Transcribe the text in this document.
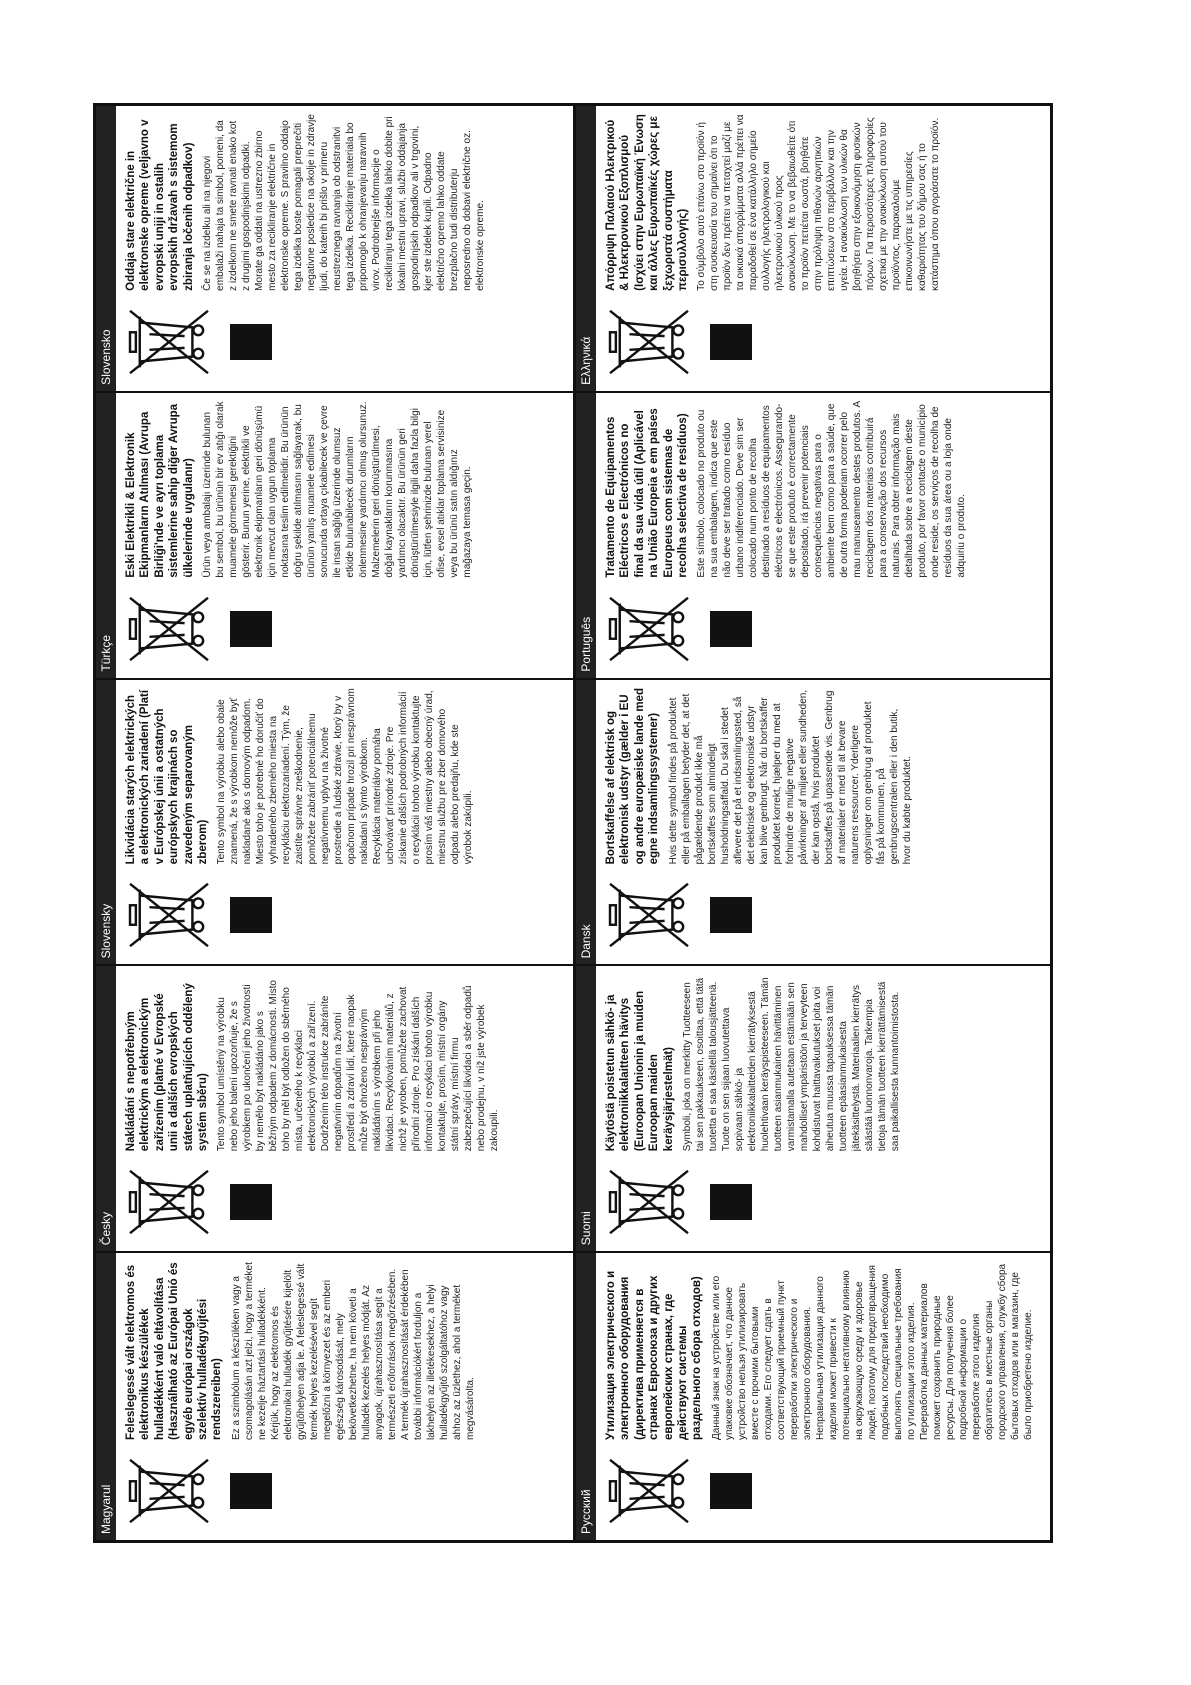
Magyarul

Feleslegessé vált elektromos és elektronikus készülékek hulladékként való eltávolítása (Használható az Európai Unió és egyéb európai országok szelektív hulladékgyűjtési rendszereiben) Ez a szimbólum a készüléken vagy a csomagolásán azt jelzi, hogy a terméket ne kezelje háztartási hulladékként. Kérjük, hogy az elektromos és elektronikai hulladék gyűjtésére kijelölt gyűjtőhelyen adja le. A feleslegessé vált termék helyes kezelésével segít megelőzni a környezet és az emberi egészség károsodását, mely bekövetkezhetne, ha nem követi a hulladék kezelés helyes módját. Az anyagok, újrahasznosítása segít a természeti erőforrások megőrzésében. A termék újrahasznosítását érdekében további információkért forduljon a lakhelyén az illetékesekhez, a helyi hulladékgyűjtő szolgáltatóhoz vagy ahhoz az üzlethez, ahol a terméket megvásárolta.

Česky

Nakládání s nepotřebným elektrickým a elektronickým zařízením (platné v Evropské unii a dalších evropských státech uplatňujících oddělený systém sběru) Tento symbol umístěný na výrobku nebo jeho balení upozorňuje, že s výrobkem po ukončení jeho životnosti by nemělo být nakládáno jako s běžným odpadem z domácnosti. Místo toho by měl být odložen do sběrného místa, určeného k recyklaci elektronických výrobků a zařízení. Dodržením této instrukce zabráníte negativním dopadům na životní prostředí a zdraví lidí, které naopak může být ohroženo nesprávným nakládáním s výrobkem při jeho likvidaci. Recyklováním materiálů, z nichž je vyroben, pomůžete zachovat přírodní zdroje. Pro získání dalších informací o recyklaci tohoto výrobku kontaktujte, prosím, místní orgány státní správy, místní firmu zabezpečující likvidaci a sběr odpadů nebo prodejnu, v níž jste výrobek zakoupili.

Slovensky

Likvidácia starých elektrických a elektronických zariadení (Platí v Európskej únii a ostatných európskych krajinách so zavedeným separovaným zberom) Tento symbol na výrobku alebo obale znamená, že s výrobkom nemôže byť nakladané ako s domovým odpadom. Miesto toho je potrebné ho doručiť do vyhradeného zberného miesta na recykláciu elektrozariadení. Tým, že zaistíte správne zneškodnenie, pomôžete zabrániť potenciálnemu negatívnemu vplyvu na životné prostredie a ľudské zdravie, ktorý by v opačnom prípade hrozil pri nesprávnom nakladaní s týmto výrobkom. Recyklácia materiálov pomáha uchovávať prírodné zdroje. Pre získanie ďalších podrobných informácií o recyklácii tohoto výrobku kontaktujte prosím váš miestny alebo obecný úrad, miestnu službu pre zber domového odpadu alebo predajňu, kde ste výrobok zakúpili.

Türkçe

Eski Elektrikli & Elektronik Ekipmanların Atılması (Avrupa Birliği'nde ve ayrı toplama sistemlerine sahip diğer Avrupa ülkelerinde uygulanır) Ürün veya ambalajı üzerinde bulunan bu sembol, bu ürünün bir ev atığı olarak muamele görmemesi gerektiğini gösterir. Bunun yerine, elektrikli ve elektronik ekipmanların geri dönüşümü için mevcut olan uygun toplama noktasına teslim edilmelidir. Bu ürünün doğru şekilde atılmasını sağlayarak, bu ürünün yanlış muamele edilmesi sonucunda ortaya çıkabilecek ve çevre ile insan sağlığı üzerinde olumsuz etkide bulunabilecek durumların önlenmesine yardımcı olmuş olursunuz. Malzemelerin geri dönüştürülmesi, doğal kaynakların korunmasına yardımcı olacaktır. Bu ürünün geri dönüştürülmesiyle ilgili daha fazla bilgi için, lütfen şehrinizde bulunan yerel ofise, evsel atıklar toplama servisinize veya bu ürünü satın aldığınız mağazaya temasa geçin.

Slovensko

Oddaja stare električne in elektronske opreme (veljavno v evropski uniji in ostalih evropskih državah s sistemom zbiranja ločenih odpadkov) Če se na izdelku ali na njegovi embalaži nahaja ta simbol, pomeni, da z izdelkom ne smete ravnati enako kot z drugimi gospodinjskimi odpadki. Morate ga oddati na ustrezno zbirno mesto za recikliranje električne in elektronske opreme. S pravilno oddajo tega izdelka boste pomagali preprečiti negativne posledice na okolje in zdravje ljudi, do katerih bi prišlo v primeru neustreznega ravnanja ob odstranitvi tega izdelka. Recikliranje materiala bo pripomoglo k ohranjevanju naravnih virov. Podrobnejše informacije o recikliranju tega izdelka lahko dobite pri lokalni mestni upravi, službi oddajanja gospodinjskih odpadkov ali v trgovini, kjer ste izdelek kupili. Odpadno električno opremo lahko oddate brezplačno tudi distributerju neposredno ob dobavi električne oz. elektronske opreme.

Русский

Утилизация электрического и электронного оборудования (директива применяется в странах Евросоюза и других европейских странах, где действуют системы раздельного сбора отходов) Данный знак на устройстве или его упаковке обозначает, что данное устройство нельзя утилизировать вместе с прочими бытовыми отходами. Его следует сдать в соответствующий приемный пункт переработки электрического и электронного оборудования. Неправильная утилизация данного изделия может привести к потенциально негативному влиянию на окружающую среду и здоровье людей, поэтому для предотвращения подобных последствий необходимо выполнять специальные требования по утилизации этого изделия. Переработка данных материалов поможет сохранить природные ресурсы. Для получения более подробной информации о переработке этого изделия обратитесь в местные органы городского управления, службу сбора бытовых отходов или в магазин, где было приобретено изделие.

Suomi

Käytöstä poistetun sähkö- ja elektroniikkalaitteen hävitys (Euroopan Unionin ja muiden Euroopan maiden keräysjärjestelmät) Symboli, joka on merkitty Tuotteeseen tai sen pakkaukseen, osoittaa, että tätä tuotetta ei saa käsitellä talousjätteenä. Tuote on sen sijaan luovutettava sopivaan sähkö- ja elektroniikkalaitteiden kierrätyksestä huolehtivaan keräyspisteeseen. Tämän tuotteen asianmukainen hävittäminen varmistamalla autetaan estämään sen mahdolliset ympäristöön ja terveyteen kohdistuvat haittavaikutukset joita voi aiheutua muussa tapauksessa tämän tuotteen epäasianmukaisesta jätekäsittelystä. Materiaalien kierrätys säästää luonnonvaroja. Tarkempia tietoja tämän tuotteen kierrättämisestä saa paikallisesta kunnantoimistosta.

Dansk

Bortskaffelse af elektrisk og elektronisk udstyr (gælder i EU og andre europæiske lande med egne indsamlingssystemer) Hvis dette symbol findes på produktet eller på emballagen betyder det, at det pågældende produkt ikke må bortskaffes som almindeligt husholdningsaffald. Du skal i stedet aflevere det på et indsamlingssted, så det elektriske og elektroniske udstyr kan blive genbrugt. Når du bortskaffer produktet korrekt, hjælper du med at forhindre de mulige negative påvirkninger af miljøet eller sundheden, der kan opstå, hvis produktet bortskaffes på upassende vis. Genbrug af materialer er med til at bevare naturens ressourcer. Yderligere oplysninger om genbrug af produktet fås på kommunen, på genbrugscentralen eller i den butik, hvor du købte produktet.

Português

Tratamento de Equipamentos Eléctricos e Electrónicos no final da sua vida útil (Aplicável na União Europeia e em países Europeus com sistemas de recolha selectiva de resíduos) Este símbolo, colocado no produto ou na sua embalagem, indica que este não deve ser tratado como resíduo urbano indiferenciado. Deve sim ser colocado num ponto de recolha destinado a resíduos de equipamentos eléctricos e electrónicos. Assegurando-se que este produto é correctamente depositado, irá prevenir potenciais consequências negativas para o ambiente bem como para a saúde, que de outra forma poderiam ocorrer pelo mau manuseamento destes produtos. A reciclagem dos materiais contribuirá para a conservação dos recursos naturais. Para obter informação mais detalhada sobre a reciclagem deste produto, por favor contacte o município onde reside, os serviços de recolha de resíduos da sua área ou a loja onde adquiriu o produto.

Ελληνικά

Απόρριψη Παλαιού Ηλεκτρικού & Ηλεκτρονικού Εξοπλισμού (Ισχύει στην Ευρωπαϊκή Ένωση και άλλες Ευρωπαϊκές χώρες με ξεχωριστά συστήματα περισυλλογής) Το σύμβολο αυτό επάνω στο προϊόν ή στη συσκευασία του σημαίνει ότι το προϊόν δεν πρέπει να πεταχτεί μαζί με τα οικιακά απορρίμματα αλλά πρέπει να παραδοθεί σε ένα κατάλληλο σημείο συλλογής ηλεκτρολογικού και ηλεκτρονικού υλικού προς ανακύκλωση. Με το να βεβαιωθείτε ότι το προϊόν πετιέται σωστά, βοηθάτε στην πρόληψη πιθανών αρνητικών επιπτώσεων στο περιβάλλον και την υγεία. Η ανακύκλωση των υλικών θα βοηθήσει στην εξοικονόμηση φυσικών πόρων. Για περισσότερες πληροφορίες σχετικά με την ανακύκλωση αυτού του προϊόντος, παρακαλούμε επικοινωνήστε με τις υπηρεσίες καθαριότητας του δήμου σας ή το κατάστημα όπου αγοράσατε το προϊόν.
